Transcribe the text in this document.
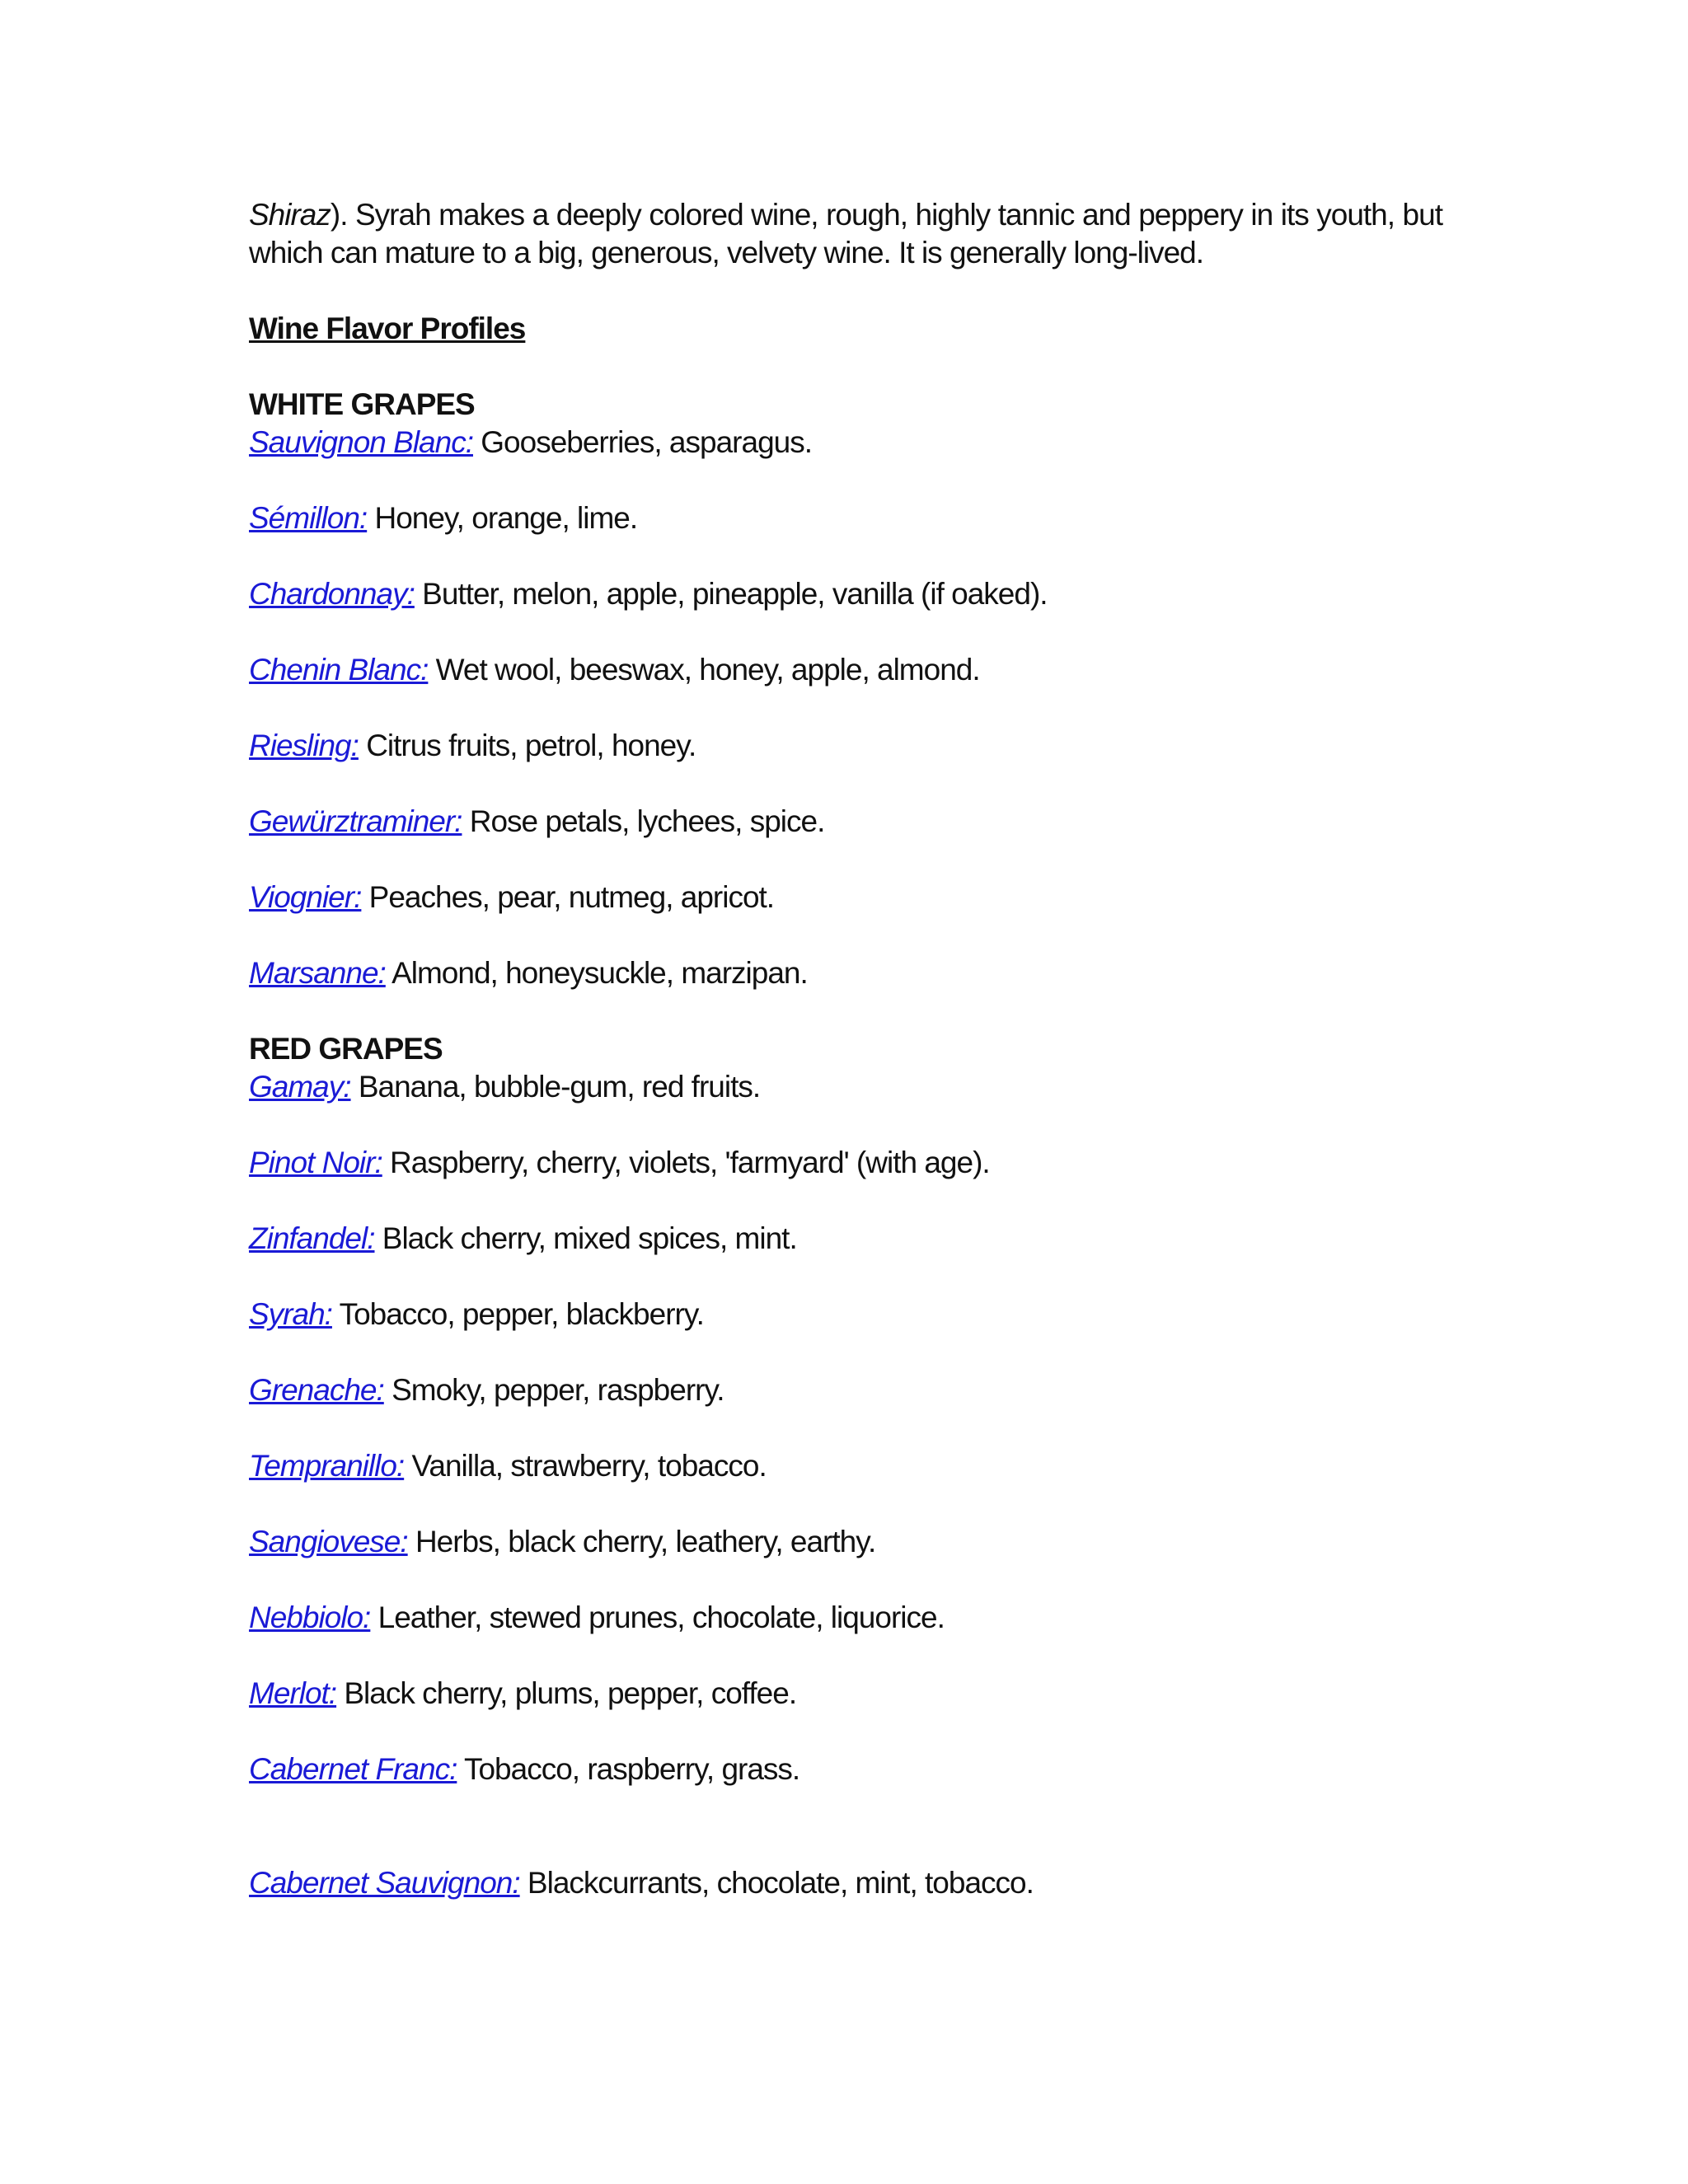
Shiraz). Syrah makes a deeply colored wine, rough, highly tannic and peppery in its youth, but which can mature to a big, generous, velvety wine. It is generally long-lived.

Wine Flavor Profiles
WHITE GRAPES
Sauvignon Blanc: Gooseberries, asparagus.
Sémillon: Honey, orange, lime.
Chardonnay: Butter, melon, apple, pineapple, vanilla (if oaked).
Chenin Blanc: Wet wool, beeswax, honey, apple, almond.
Riesling: Citrus fruits, petrol, honey.
Gewürztraminer: Rose petals, lychees, spice.
Viognier: Peaches, pear, nutmeg, apricot.
Marsanne: Almond, honeysuckle, marzipan.
RED GRAPES
Gamay: Banana, bubble-gum, red fruits.
Pinot Noir: Raspberry, cherry, violets, 'farmyard' (with age).
Zinfandel: Black cherry, mixed spices, mint.
Syrah: Tobacco, pepper, blackberry.
Grenache: Smoky, pepper, raspberry.
Tempranillo: Vanilla, strawberry, tobacco.
Sangiovese: Herbs, black cherry, leathery, earthy.
Nebbiolo: Leather, stewed prunes, chocolate, liquorice.
Merlot: Black cherry, plums, pepper, coffee.
Cabernet Franc: Tobacco, raspberry, grass.
Cabernet Sauvignon: Blackcurrants, chocolate, mint, tobacco.
